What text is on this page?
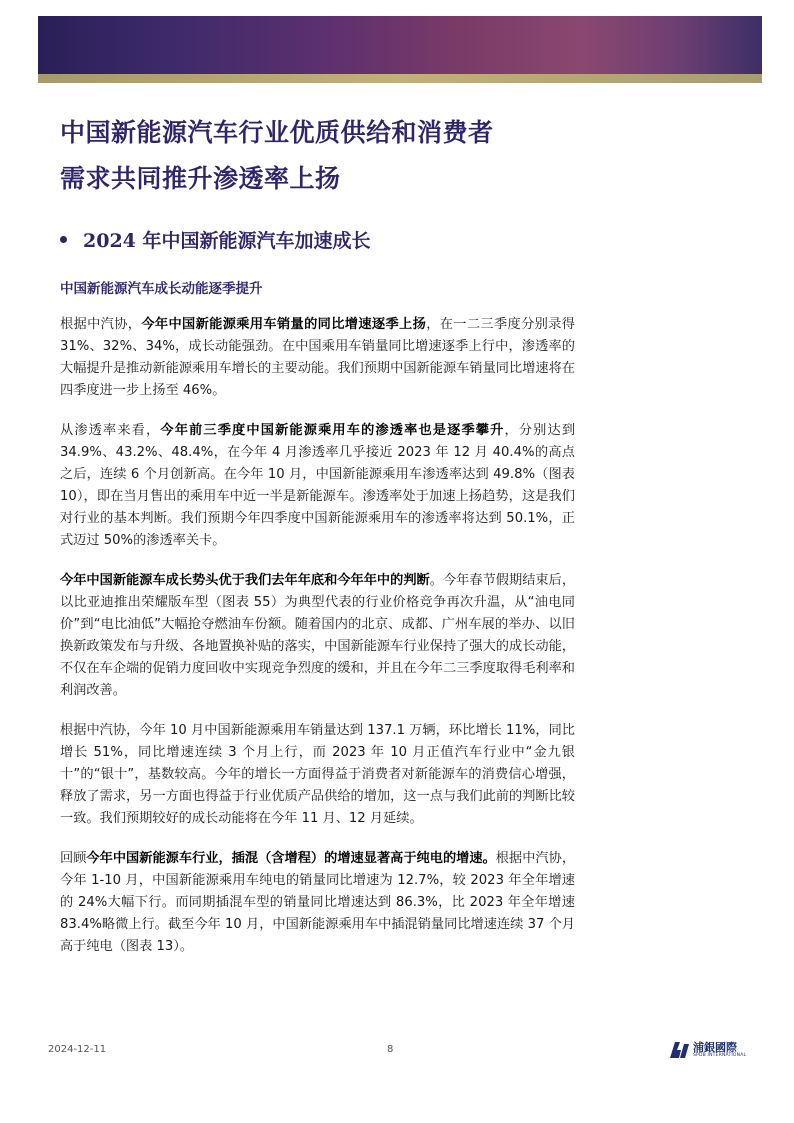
中国新能源汽车行业优质供给和消费者
需求共同推升渗透率上扬
2024 年中国新能源汽车加速成长
中国新能源汽车成长动能逐季提升

根据中汽协，今年中国新能源乘用车销量的同比增速逐季上扬，在一二三季度分别录得 31%、32%、34%，成长动能强劲。在中国乘用车销量同比增速逐季上行中，渗透率的大幅提升是推动新能源乘用车增长的主要动能。我们预期中国新能源车销量同比增速将在四季度进一步上扬至 46%。

从渗透率来看，今年前三季度中国新能源乘用车的渗透率也是逐季攀升，分别达到 34.9%、43.2%、48.4%，在今年 4 月渗透率几乎接近 2023 年 12 月 40.4%的高点之后，连续 6 个月创新高。在今年 10 月，中国新能源乘用车渗透率达到 49.8%（图表 10），即在当月售出的乘用车中近一半是新能源车。渗透率处于加速上扬趋势，这是我们对行业的基本判断。我们预期今年四季度中国新能源乘用车的渗透率将达到 50.1%，正式迈过 50%的渗透率关卡。

今年中国新能源车成长势头优于我们去年年底和今年年中的判断。今年春节假期结束后，以比亚迪推出荣耀版车型（图表 55）为典型代表的行业价格竞争再次升温，从“油电同价”到“电比油低”大幅抢夺燃油车份额。随着国内的北京、成都、广州车展的举办、以旧换新政策发布与升级、各地置换补贴的落实，中国新能源车行业保持了强大的成长动能，不仅在车企端的促销力度回收中实现竞争烈度的缓和，并且在今年二三季度取得毛利率和利润改善。

根据中汽协，今年 10 月中国新能源乘用车销量达到 137.1 万辆，环比增长 11%，同比增长 51%，同比增速连续 3 个月上行，而 2023 年 10 月正值汽车行业中“金九银十”的“银十”，基数较高。今年的增长一方面得益于消费者对新能源车的消费信心增强，释放了需求，另一方面也得益于行业优质产品供给的增加，这一点与我们此前的判断比较一致。我们预期较好的成长动能将在今年 11 月、12 月延续。

回顾今年中国新能源车行业，插混（含增程）的增速显著高于纯电的增速。根据中汽协，今年 1-10 月，中国新能源乘用车纯电的销量同比增速为 12.7%，较 2023 年全年增速的 24%大幅下行。而同期插混车型的销量同比增速达到 86.3%，比 2023 年全年增速 83.4%略微上行。截至今年 10 月，中国新能源乘用车中插混销量同比增速连续 37 个月高于纯电（图表 13）。

2024-12-11	8	浦銀國際
SPDB INTERNATIONAL
